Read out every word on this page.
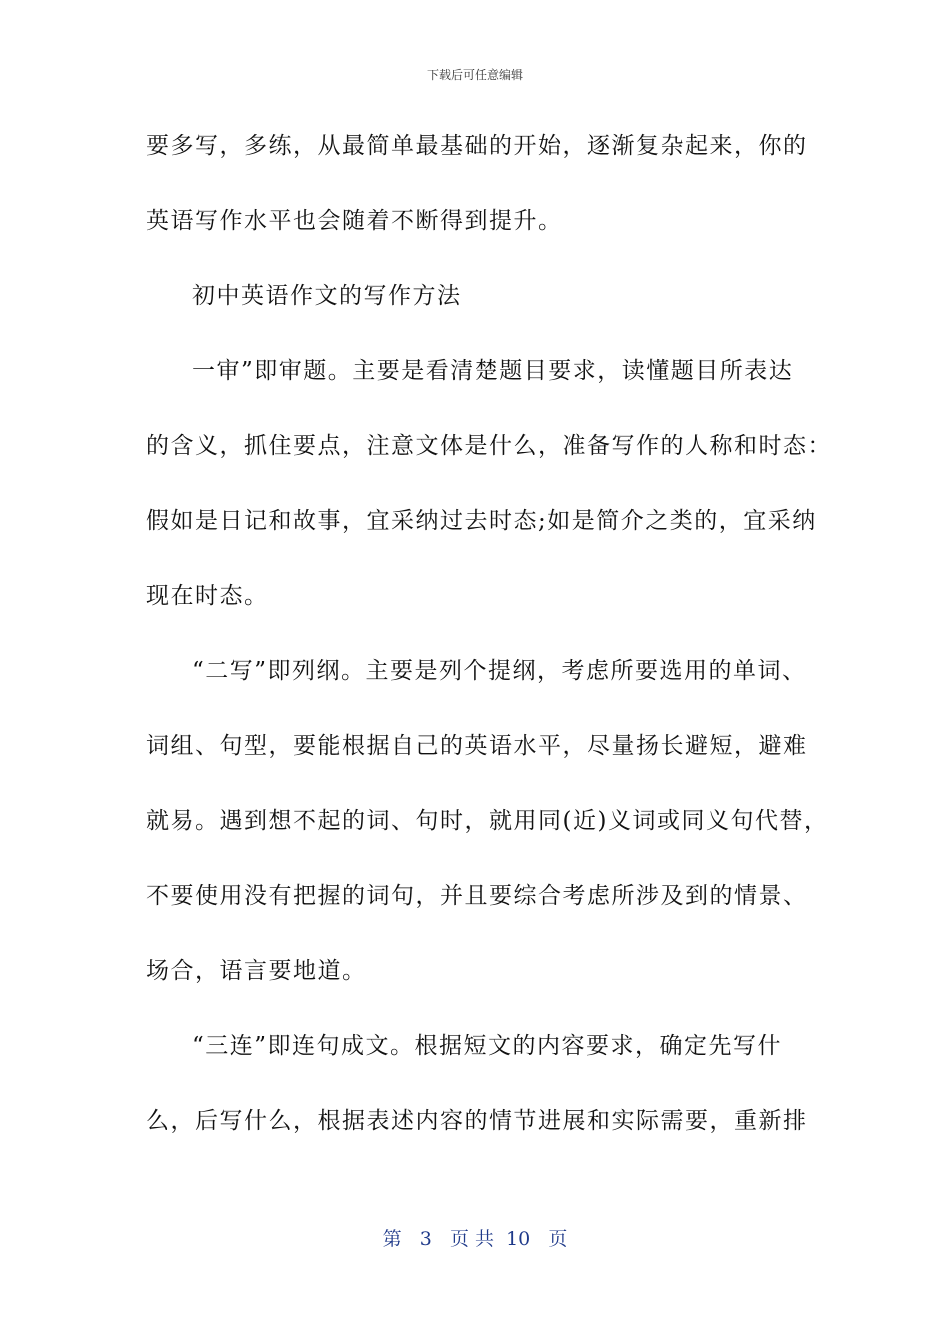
下载后可任意编辑
要多写，多练，从最简单最基础的开始，逐渐复杂起来，你的
英语写作水平也会随着不断得到提升。
初中英语作文的写作方法
一审”即审题。主要是看清楚题目要求，读懂题目所表达
的含义，抓住要点，注意文体是什么，准备写作的人称和时态：
假如是日记和故事，宜采纳过去时态;如是简介之类的，宜采纳
现在时态。
“二写”即列纲。主要是列个提纲，考虑所要选用的单词、
词组、句型，要能根据自己的英语水平，尽量扬长避短，避难
就易。遇到想不起的词、句时，就用同(近)义词或同义句代替，
不要使用没有把握的词句，并且要综合考虑所涉及到的情景、
场合，语言要地道。
“三连”即连句成文。根据短文的内容要求，确定先写什
么，后写什么，根据表述内容的情节进展和实际需要，重新排
第 3 页 共 10 页
